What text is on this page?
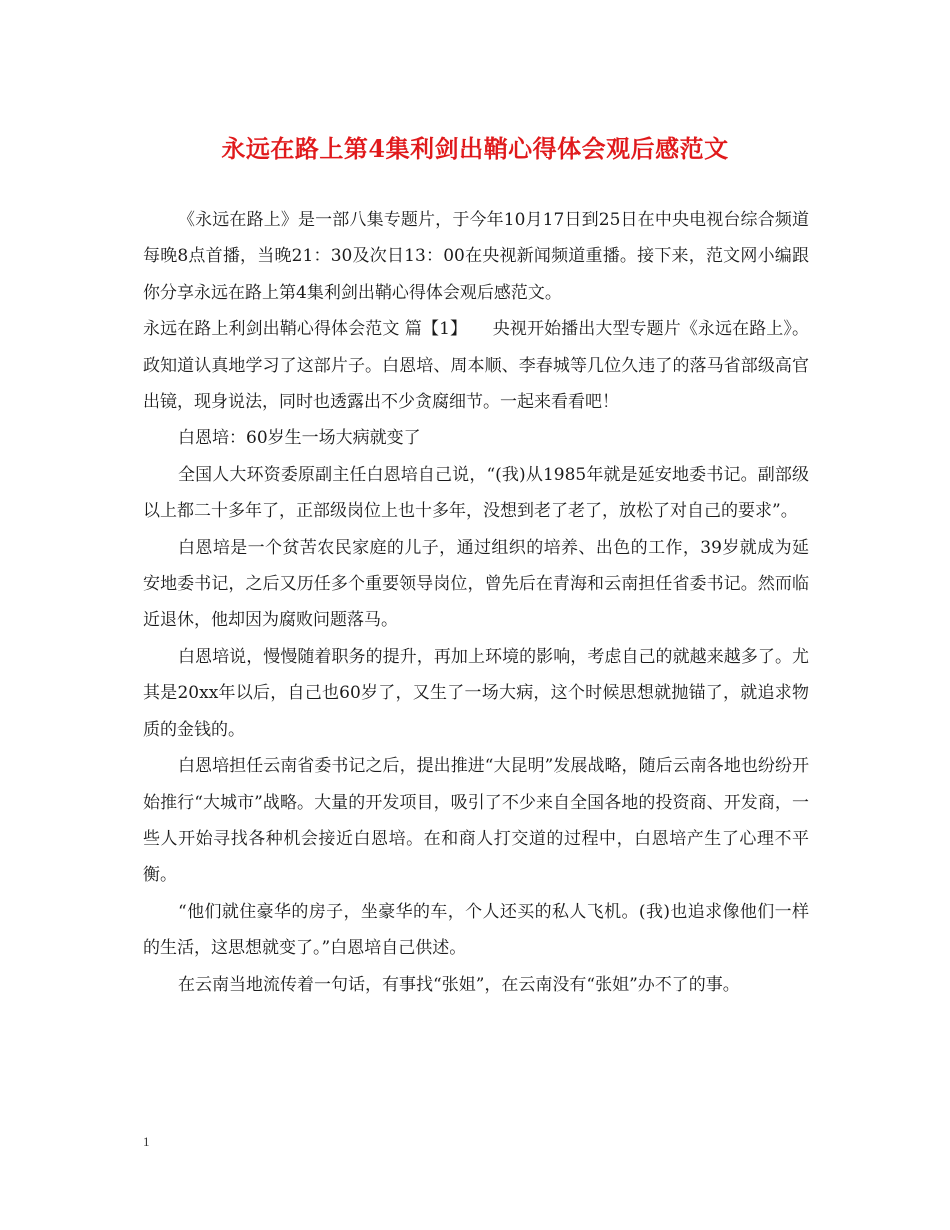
永远在路上第4集利剑出鞘心得体会观后感范文

《永远在路上》是一部八集专题片，于今年10月17日到25日在中央电视台综合频道每晚8点首播，当晚21：30及次日13：00在央视新闻频道重播。接下来，范文网小编跟你分享永远在路上第4集利剑出鞘心得体会观后感范文。

永远在路上利剑出鞘心得体会范文 篇【1】　　央视开始播出大型专题片《永远在路上》。政知道认真地学习了这部片子。白恩培、周本顺、李春城等几位久违了的落马省部级高官出镜，现身说法，同时也透露出不少贪腐细节。一起来看看吧！

白恩培：60岁生一场大病就变了

全国人大环资委原副主任白恩培自己说，“(我)从1985年就是延安地委书记。副部级以上都二十多年了，正部级岗位上也十多年，没想到老了老了，放松了对自己的要求”。

白恩培是一个贫苦农民家庭的儿子，通过组织的培养、出色的工作，39岁就成为延安地委书记，之后又历任多个重要领导岗位，曾先后在青海和云南担任省委书记。然而临近退休，他却因为腐败问题落马。

白恩培说，慢慢随着职务的提升，再加上环境的影响，考虑自己的就越来越多了。尤其是20xx年以后，自己也60岁了，又生了一场大病，这个时候思想就抛锚了，就追求物质的金钱的。

白恩培担任云南省委书记之后，提出推进“大昆明”发展战略，随后云南各地也纷纷开始推行“大城市”战略。大量的开发项目，吸引了不少来自全国各地的投资商、开发商，一些人开始寻找各种机会接近白恩培。在和商人打交道的过程中，白恩培产生了心理不平衡。

“他们就住豪华的房子，坐豪华的车，个人还买的私人飞机。(我)也追求像他们一样的生活，这思想就变了。”白恩培自己供述。

在云南当地流传着一句话，有事找“张姐”，在云南没有“张姐”办不了的事。

1
